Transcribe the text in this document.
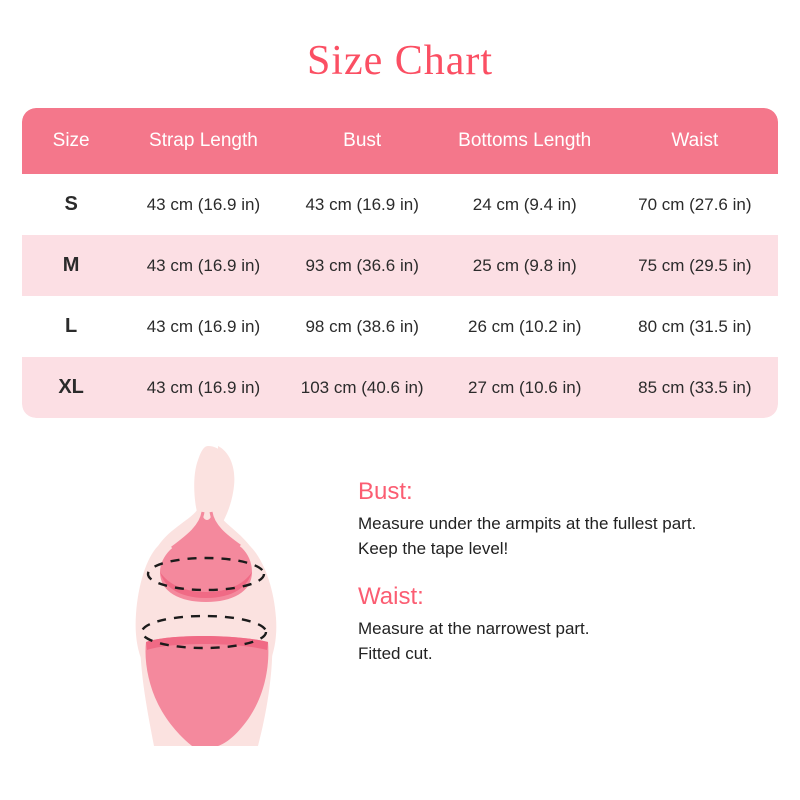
Size Chart
Size	Strap Length	Bust	Bottoms Length	Waist
S	43 cm (16.9 in)	43 cm (16.9 in)	24 cm (9.4 in)	70 cm (27.6 in)
M	43 cm (16.9 in)	93 cm (36.6 in)	25 cm (9.8 in)	75 cm (29.5 in)
L	43 cm (16.9 in)	98 cm (38.6 in)	26 cm (10.2 in)	80 cm (31.5 in)
XL	43 cm (16.9 in)	103 cm (40.6 in)	27 cm (10.6 in)	85 cm (33.5 in)
Bust:

Measure under the armpits at the fullest part.
Keep the tape level!

Waist:

Measure at the narrowest part.
Fitted cut.
